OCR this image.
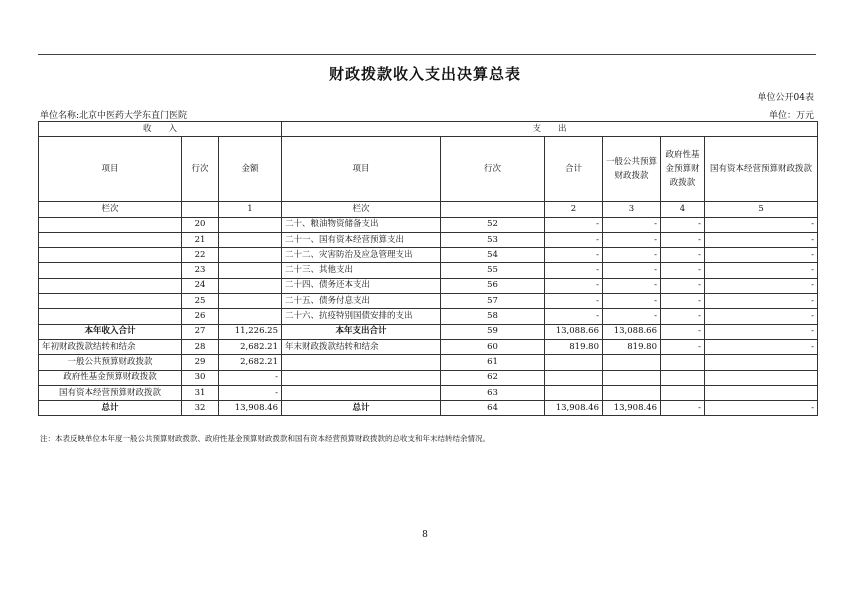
财政拨款收入支出决算总表
单位公开04表
单位名称:北京中医药大学东直门医院	单位：万元
收　　入			支　　出					
项目	行次	金额	项目	行次	合计	一般公共预算财政拨款	政府性基金预算财政拨款	国有资本经营预算财政拨款
栏次		1	栏次		2	3	4	5
	20		二十、粮油物资储备支出	52	-	-	-	-
	21		二十一、国有资本经营预算支出	53	-	-	-	-
	22		二十二、灾害防治及应急管理支出	54	-	-	-	-
	23		二十三、其他支出	55	-	-	-	-
	24		二十四、债务还本支出	56	-	-	-	-
	25		二十五、债务付息支出	57	-	-	-	-
	26		二十六、抗疫特别国债安排的支出	58	-	-	-	-
本年收入合计	27	11,226.25	本年支出合计	59	13,088.66	13,088.66	-	-
年初财政拨款结转和结余	28	2,682.21	年末财政拨款结转和结余	60	819.80	819.80	-	-
一般公共预算财政拨款	29	2,682.21		61				
政府性基金预算财政拨款	30	-		62				
国有资本经营预算财政拨款	31	-		63				
总计	32	13,908.46	总计	64	13,908.46	13,908.46	-	-
注：本表反映单位本年度一般公共预算财政拨款、政府性基金预算财政拨款和国有资本经营预算财政拨款的总收支和年末结转结余情况。
8
